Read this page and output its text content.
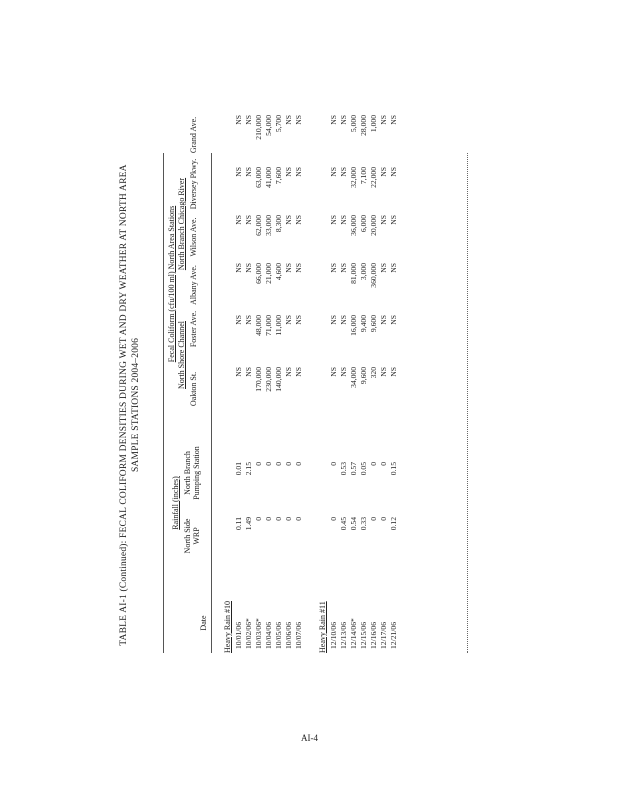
TABLE AI-1 (Continued): FECAL COLIFORM DENSITIES DURING WET AND DRY WEATHER AT NORTH AREA SAMPLE STATIONS 2004–2006
Date
Rainfall (inches)
North Side WRP
North Branch Pumping Station
Fecal Coliform (cfu/100 ml) North Area Stations North Shore Channel
North Branch Chicago River
Oakton St.
Foster Ave.
Albany Ave.
Wilson Ave.
Diversey Pkwy.
Grand Ave.
Heavy Rain #10 10/01/06
0.11
0.01
NS
NS
NS
NS
NS
NS
10/02/06*
1.49
2.15
NS
NS
NS
NS
NS
NS
10/03/06*
0
0
170,000
48,000
66,000
62,000
63,000
210,000
10/04/06
0
0
230,000
71,000
21,000
33,000
41,000
54,000
10/05/06
0
0
140,000
11,000
4,600
8,300
7,600
5,700
10/06/06
0
0
NS
NS
NS
NS
NS
NS
10/07/06
0
0
NS
NS
NS
NS
NS
NS
Heavy Rain #11 12/10/06
0
0
NS
NS
NS
NS
NS
NS
12/13/06
0.45
0.53
NS
NS
NS
NS
NS
NS
12/14/06*
0.54
0.57
34,000
16,000
81,000
36,000
32,000
5,000
12/15/06
0.33
0.05
9,600
9,400
3,000
6,000
7,100
28,000
12/16/06
0
0
320
9,600
360,000
20,000
22,000
1,000
12/17/06
0
0
NS
NS
NS
NS
NS
NS
12/21/06
0.12
0.15
NS
NS
NS
NS
NS
NS
AI-4
